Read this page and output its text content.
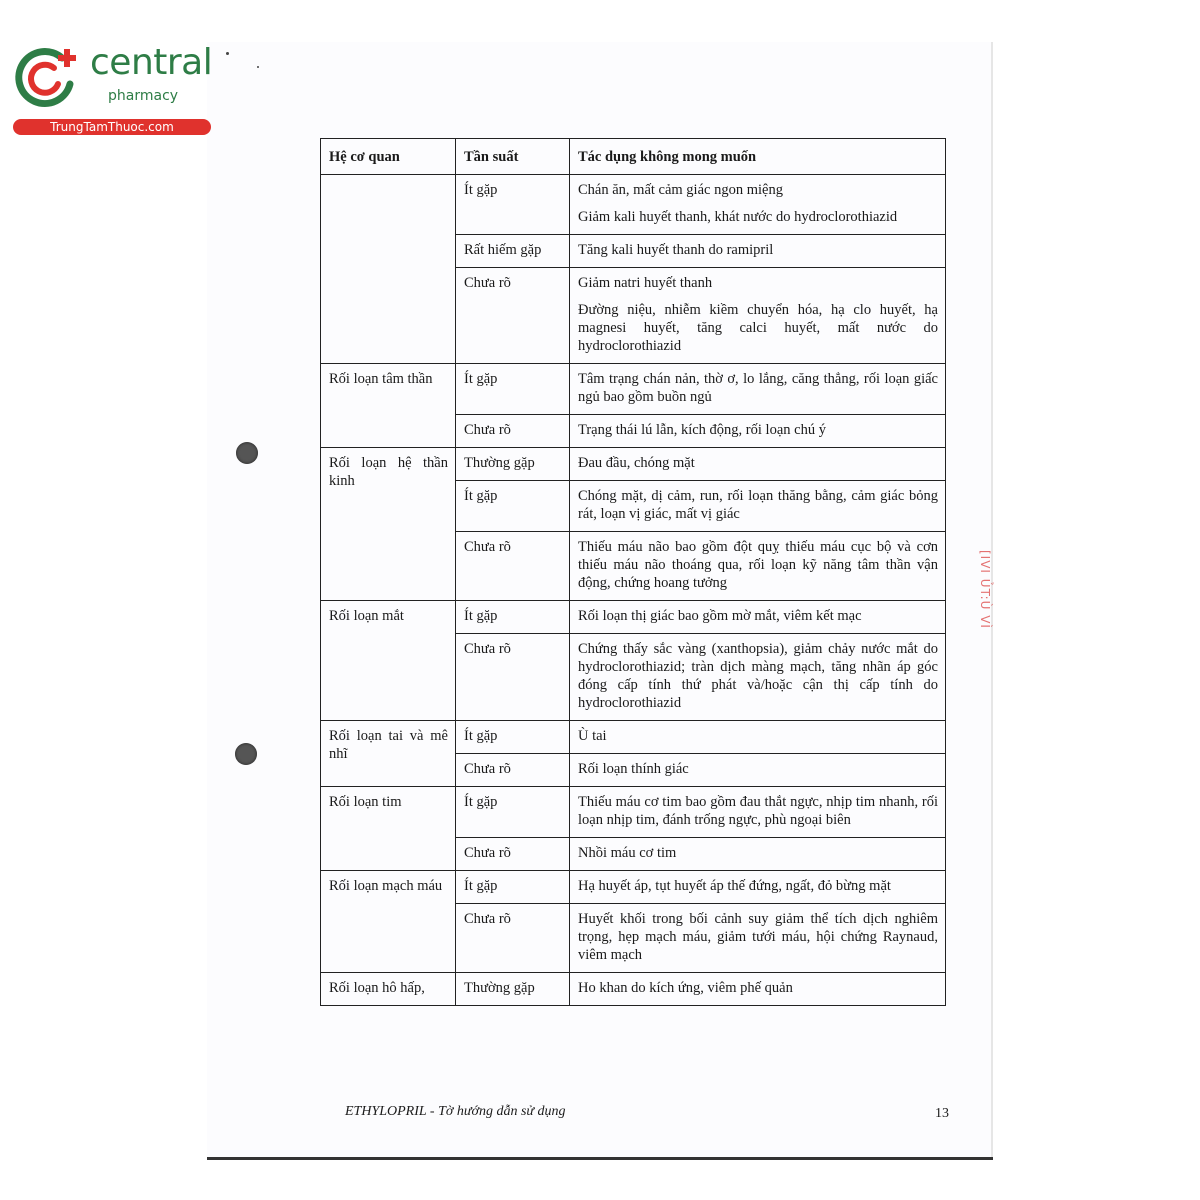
central
pharmacy
TrungTamThuoc.com
[IVI ỦT:Ù VÌ
Hệ cơ quan	Tần suất	Tác dụng không mong muốn
	Ít gặp	Chán ăn, mất cảm giác ngon miệng

Giảm kali huyết thanh, khát nước do hydroclorothiazid

	Rất hiếm gặp	Tăng kali huyết thanh do ramipril

	Chưa rõ	Giảm natri huyết thanh

Đường niệu, nhiễm kiềm chuyển hóa, hạ clo huyết, hạ magnesi huyết, tăng calci huyết, mất nước do hydroclorothiazid

Rối loạn tâm thần	Ít gặp	Tâm trạng chán nản, thờ ơ, lo lắng, căng thẳng, rối loạn giấc ngủ bao gồm buồn ngủ

	Chưa rõ	Trạng thái lú lẫn, kích động, rối loạn chú ý

Rối loạn hệ thần kinh	Thường gặp	Đau đầu, chóng mặt

	Ít gặp	Chóng mặt, dị cảm, run, rối loạn thăng bằng, cảm giác bỏng rát, loạn vị giác, mất vị giác

	Chưa rõ	Thiếu máu não bao gồm đột quỵ thiếu máu cục bộ và cơn thiếu máu não thoáng qua, rối loạn kỹ năng tâm thần vận động, chứng hoang tưởng

Rối loạn mắt	Ít gặp	Rối loạn thị giác bao gồm mờ mắt, viêm kết mạc

	Chưa rõ	Chứng thấy sắc vàng (xanthopsia), giảm chảy nước mắt do hydroclorothiazid; tràn dịch màng mạch, tăng nhãn áp góc đóng cấp tính thứ phát và/hoặc cận thị cấp tính do hydroclorothiazid

Rối loạn tai và mê nhĩ	Ít gặp	Ù tai

	Chưa rõ	Rối loạn thính giác

Rối loạn tim	Ít gặp	Thiếu máu cơ tim bao gồm đau thắt ngực, nhịp tim nhanh, rối loạn nhịp tim, đánh trống ngực, phù ngoại biên

	Chưa rõ	Nhồi máu cơ tim

Rối loạn mạch máu	Ít gặp	Hạ huyết áp, tụt huyết áp thế đứng, ngất, đỏ bừng mặt

	Chưa rõ	Huyết khối trong bối cảnh suy giảm thể tích dịch nghiêm trọng, hẹp mạch máu, giảm tưới máu, hội chứng Raynaud, viêm mạch

Rối loạn hô hấp,	Thường gặp	Ho khan do kích ứng, viêm phế quản

ETHYLOPRIL - Tờ hướng dẫn sử dụng	13
